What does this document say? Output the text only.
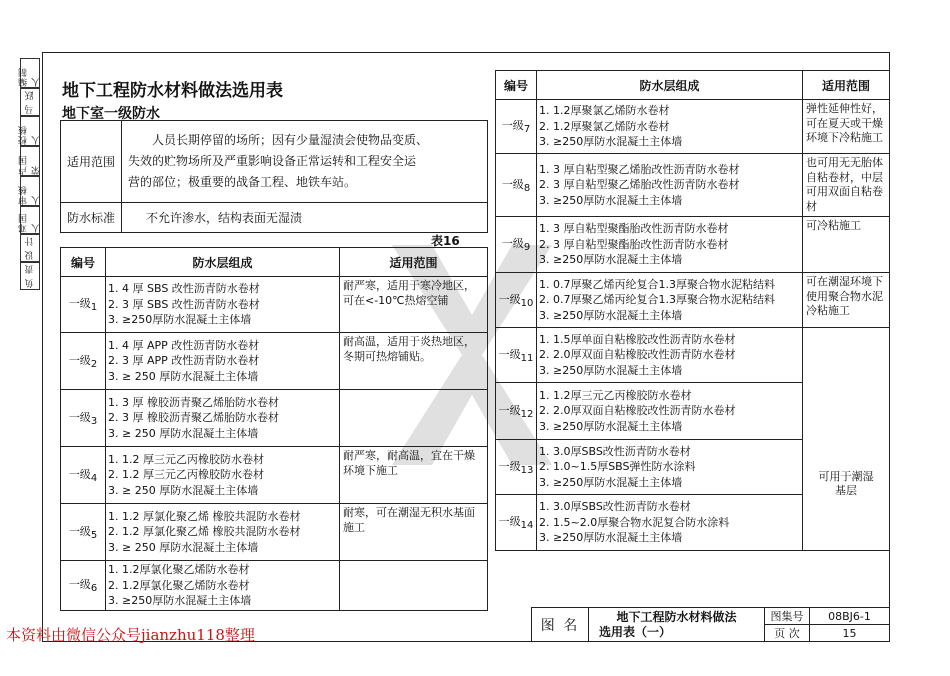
编制人
马 跃
校核人
卢国荣
审核人
邓国人
设 计
负 责
地下工程防水材料做法选用表
地下室一级防水
适用范围	人员长期停留的场所；因有少量湿渍会使物品变质、
失效的贮物场所及严重影响设备正常运转和工程安全运
营的部位；极重要的战备工程、地铁车站。

防水标准	不允许渗水，结构表面无湿渍
表16
编号	防水层组成	适用范围
一级$_1$	1. 4 厚 SBS 改性沥青防水卷材
2. 3 厚 SBS 改性沥青防水卷材
3. ≥250厚防水混凝土主体墙	耐严寒，适用于寒冷地区，可在<-10℃热熔空铺
一级$_2$	1. 4 厚 APP 改性沥青防水卷材
2. 3 厚 APP 改性沥青防水卷材
3. ≥ 250 厚防水混凝土主体墙	耐高温，适用于炎热地区，冬期可热熔铺贴。
一级$_3$	1. 3 厚 橡胶沥青聚乙烯胎防水卷材
2. 3 厚 橡胶沥青聚乙烯胎防水卷材
3. ≥ 250 厚防水混凝土主体墙	

一级$_4$	1. 1.2 厚三元乙丙橡胶防水卷材
2. 1.2 厚三元乙丙橡胶防水卷材
3. ≥ 250 厚防水混凝土主体墙	耐严寒，耐高温，宜在干燥环境下施工
一级$_5$	1. 1.2 厚氯化聚乙烯 橡胶共混防水卷材
2. 1.2 厚氯化聚乙烯 橡胶共混防水卷材
3. ≥ 250 厚防水混凝土主体墙	耐寒，可在潮湿无积水基面施工
一级$_6$	1. 1.2厚氯化聚乙烯防水卷材
2. 1.2厚氯化聚乙烯防水卷材
3. ≥250厚防水混凝土主体墙	

编号	防水层组成	适用范围
一级$_7$	1. 1.2厚聚氯乙烯防水卷材
2. 1.2厚聚氯乙烯防水卷材
3. ≥250厚防水混凝土主体墙	弹性延伸性好，可在夏天或干燥环境下冷粘施工
一级$_8$	1. 3 厚自粘型聚乙烯胎改性沥青防水卷材
2. 3 厚自粘型聚乙烯胎改性沥青防水卷材
3. ≥250厚防水混凝土主体墙	也可用无无胎体自粘卷材，中层可用双面自粘卷材
一级$_9$	1. 3 厚自粘型聚酯胎改性沥青防水卷材
2. 3 厚自粘型聚酯胎改性沥青防水卷材
3. ≥250厚防水混凝土主体墙	可冷粘施工
一级$_{10}$	1. 0.7厚聚乙烯丙纶复合1.3厚聚合物水泥粘结料
2. 0.7厚聚乙烯丙纶复合1.3厚聚合物水泥粘结料
3. ≥250厚防水混凝土主体墙	可在潮湿环境下使用聚合物水泥冷粘施工
一级$_{11}$	1. 1.5厚单面自粘橡胶改性沥青防水卷材
2. 2.0厚双面自粘橡胶改性沥青防水卷材
3. ≥250厚防水混凝土主体墙	可用于潮湿基层
一级$_{12}$	1. 1.2厚三元乙丙橡胶防水卷材
2. 2.0厚双面自粘橡胶改性沥青防水卷材
3. ≥250厚防水混凝土主体墙	

一级$_{13}$	1. 3.0厚SBS改性沥青防水卷材
2. 1.0~1.5厚SBS弹性防水涂料
3. ≥250厚防水混凝土主体墙	

一级$_{14}$	1. 3.0厚SBS改性沥青防水卷材
2. 1.5~2.0厚聚合物水泥复合防水涂料
3. ≥250厚防水混凝土主体墙	
图 名	地下工程防水材料做法
选用表（一）	图集号	08BJ6-1
		页 次	15
本资料由微信公众号jianzhu118整理
